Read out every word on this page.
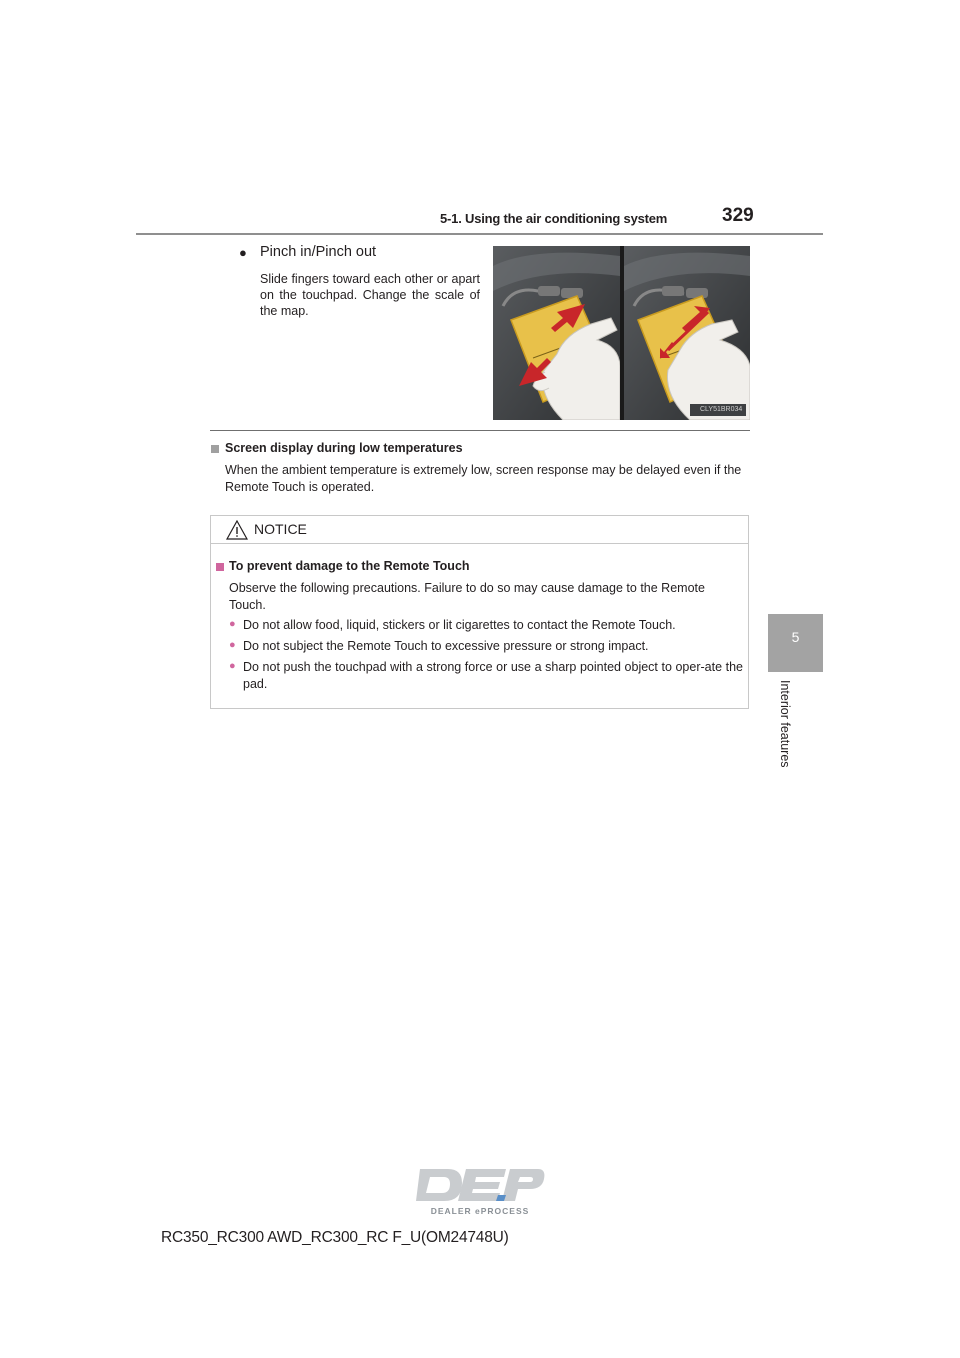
5-1. Using the air conditioning system	329
5
Interior features
● Pinch in/Pinch out
Slide fingers toward each other or apart on the touchpad. Change the scale of the map.
CLY51BR034
Screen display during low temperatures
When the ambient temperature is extremely low, screen response may be delayed even if the Remote Touch is operated.
NOTICE
To prevent damage to the Remote Touch
Observe the following precautions. Failure to do so may cause damage to the Remote Touch.
● Do not allow food, liquid, stickers or lit cigarettes to contact the Remote Touch.
● Do not subject the Remote Touch to excessive pressure or strong impact.
● Do not push the touchpad with a strong force or use a sharp pointed object to oper-ate the pad.
DEALER ePROCESS
RC350_RC300 AWD_RC300_RC F_U(OM24748U)
